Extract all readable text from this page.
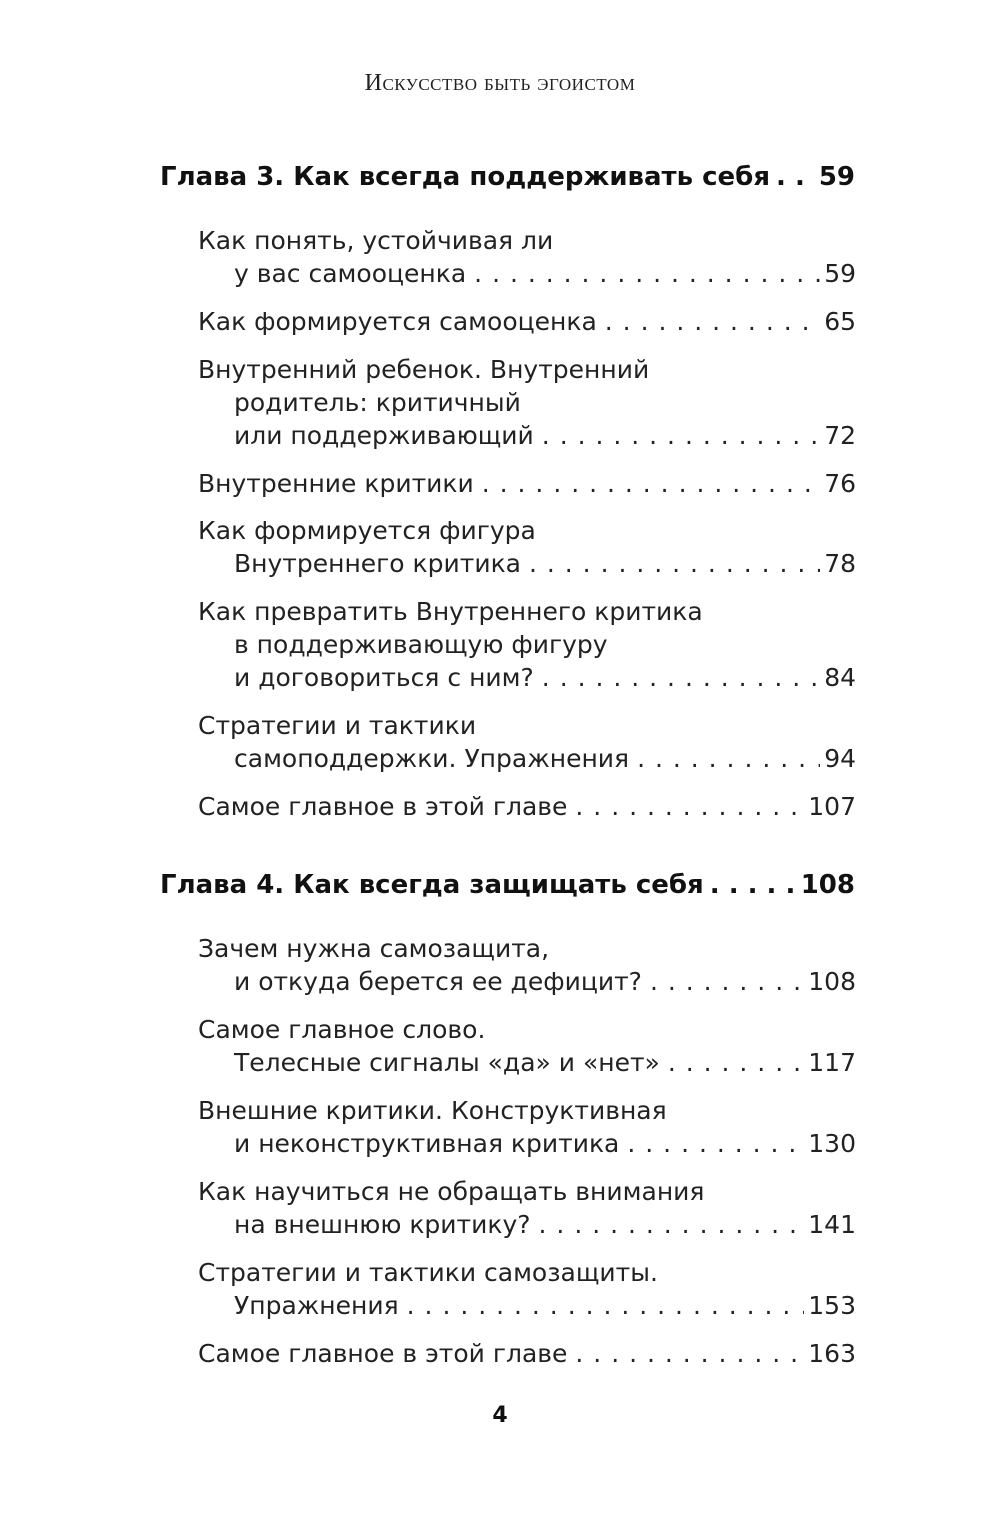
Искусство быть эгоистом
Глава 3. Как всегда поддерживать себя . . . 59
Как понять, устойчивая ли
у вас самооценка . . .	59
Как формируется самооценка . . .	65
Внутренний ребенок. Внутренний
родитель: критичный
или поддерживающий . . .	72
Внутренние критики . . .	76
Как формируется фигура
Внутреннего критика . . .	78
Как превратить Внутреннего критика
в поддерживающую фигуру
и договориться с ним? . . .	84
Стратегии и тактики
самоподдержки. Упражнения . . .	94
Самое главное в этой главе . . .	107
Глава 4. Как всегда защищать себя . . .	108
Зачем нужна самозащита,
и откуда берется ее дефицит? . . .	108
Самое главное слово.
Телесные сигналы «да» и «нет» . . .	117
Внешние критики. Конструктивная
и неконструктивная критика . . .	130
Как научиться не обращать внимания
на внешнюю критику? . . .	141
Стратегии и тактики самозащиты.
Упражнения . . .	153
Самое главное в этой главе . . .	163
4
